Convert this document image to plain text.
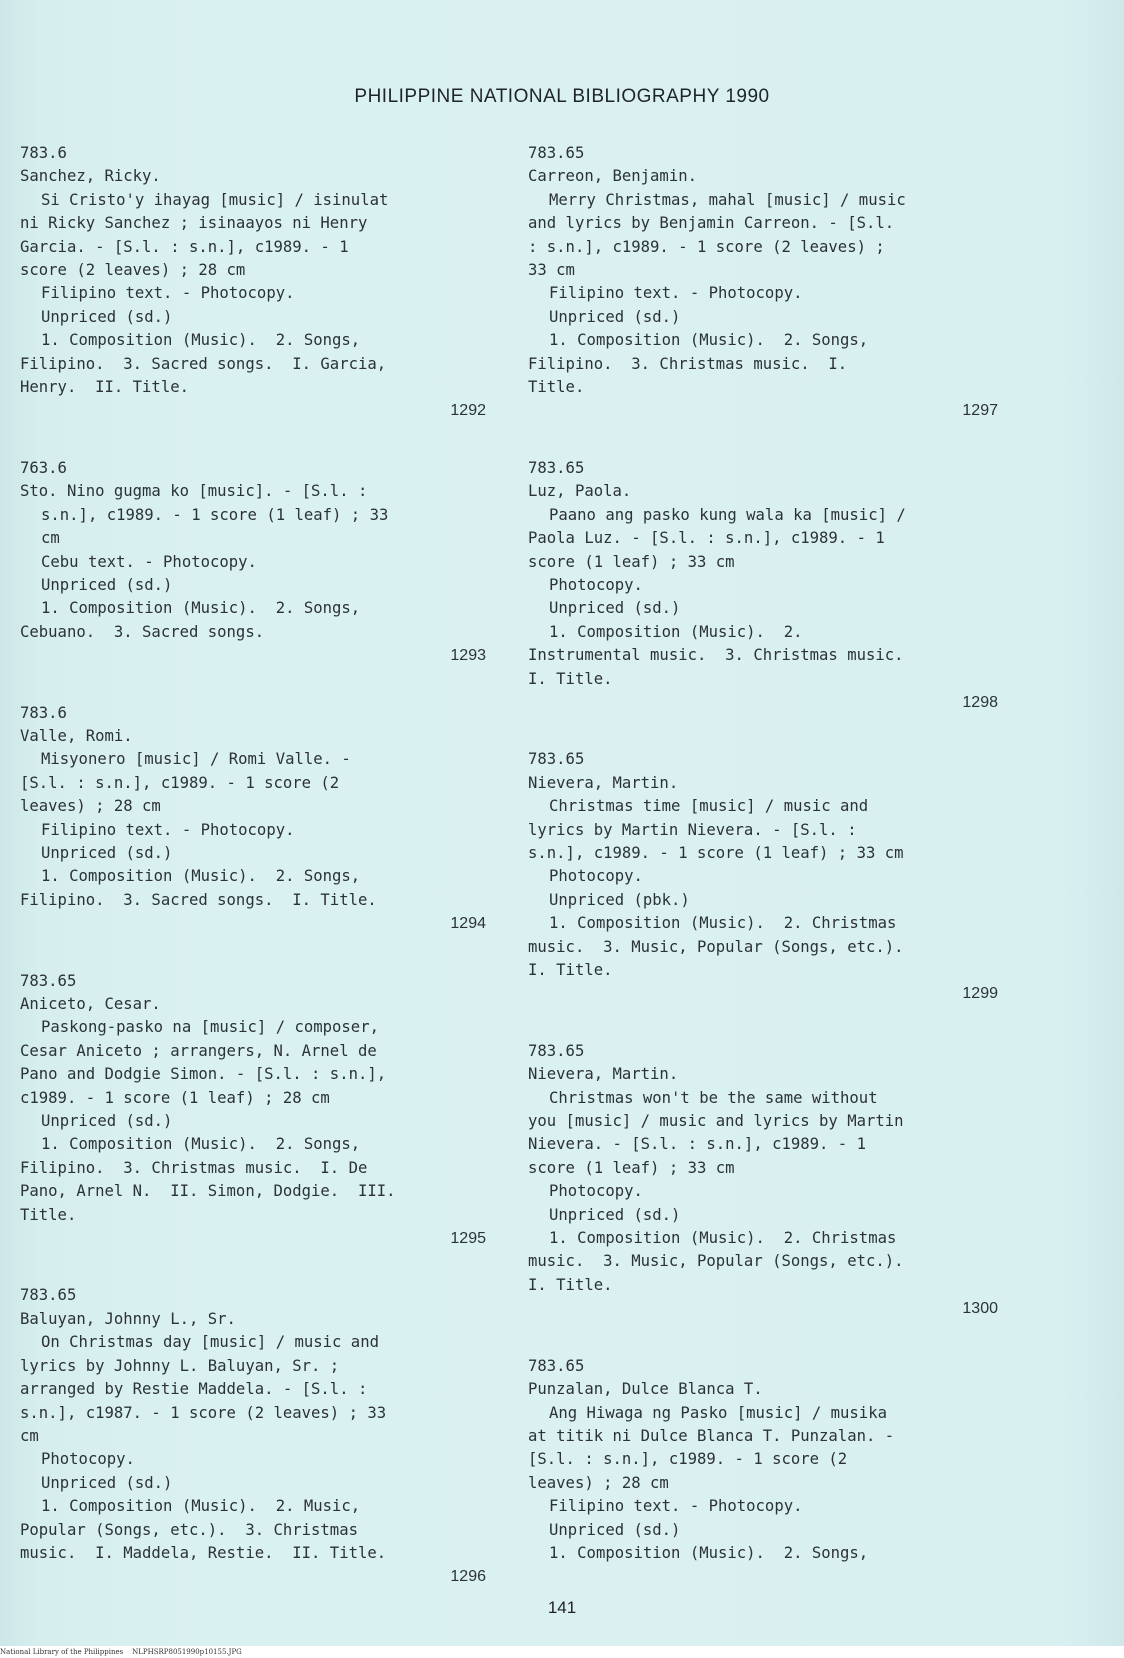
PHILIPPINE NATIONAL BIBLIOGRAPHY 1990
783.6
Sanchez, Ricky.
Si Cristo'y ihayag [music] / isinulat
ni Ricky Sanchez ; isinaayos ni Henry
Garcia. - [S.l. : s.n.], c1989. - 1
score (2 leaves) ; 28 cm
Filipino text. - Photocopy.
Unpriced (sd.)
1. Composition (Music).  2. Songs,
Filipino.  3. Sacred songs.  I. Garcia,
Henry.  II. Title.
1292
763.6
Sto. Nino gugma ko [music]. - [S.l. :
s.n.], c1989. - 1 score (1 leaf) ; 33
cm
Cebu text. - Photocopy.
Unpriced (sd.)
1. Composition (Music).  2. Songs,
Cebuano.  3. Sacred songs.
1293
783.6
Valle, Romi.
Misyonero [music] / Romi Valle. -
[S.l. : s.n.], c1989. - 1 score (2
leaves) ; 28 cm
Filipino text. - Photocopy.
Unpriced (sd.)
1. Composition (Music).  2. Songs,
Filipino.  3. Sacred songs.  I. Title.
1294
783.65
Aniceto, Cesar.
Paskong-pasko na [music] / composer,
Cesar Aniceto ; arrangers, N. Arnel de
Pano and Dodgie Simon. - [S.l. : s.n.],
c1989. - 1 score (1 leaf) ; 28 cm
Unpriced (sd.)
1. Composition (Music).  2. Songs,
Filipino.  3. Christmas music.  I. De
Pano, Arnel N.  II. Simon, Dodgie.  III.
Title.
1295
783.65
Baluyan, Johnny L., Sr.
On Christmas day [music] / music and
lyrics by Johnny L. Baluyan, Sr. ;
arranged by Restie Maddela. - [S.l. :
s.n.], c1987. - 1 score (2 leaves) ; 33
cm
Photocopy.
Unpriced (sd.)
1. Composition (Music).  2. Music,
Popular (Songs, etc.).  3. Christmas
music.  I. Maddela, Restie.  II. Title.
1296
783.65
Carreon, Benjamin.
Merry Christmas, mahal [music] / music
and lyrics by Benjamin Carreon. - [S.l.
: s.n.], c1989. - 1 score (2 leaves) ;
33 cm
Filipino text. - Photocopy.
Unpriced (sd.)
1. Composition (Music).  2. Songs,
Filipino.  3. Christmas music.  I.
Title.
1297
783.65
Luz, Paola.
Paano ang pasko kung wala ka [music] /
Paola Luz. - [S.l. : s.n.], c1989. - 1
score (1 leaf) ; 33 cm
Photocopy.
Unpriced (sd.)
1. Composition (Music).  2.
Instrumental music.  3. Christmas music.
I. Title.
1298
783.65
Nievera, Martin.
Christmas time [music] / music and
lyrics by Martin Nievera. - [S.l. :
s.n.], c1989. - 1 score (1 leaf) ; 33 cm
Photocopy.
Unpriced (pbk.)
1. Composition (Music).  2. Christmas
music.  3. Music, Popular (Songs, etc.).
I. Title.
1299
783.65
Nievera, Martin.
Christmas won't be the same without
you [music] / music and lyrics by Martin
Nievera. - [S.l. : s.n.], c1989. - 1
score (1 leaf) ; 33 cm
Photocopy.
Unpriced (sd.)
1. Composition (Music).  2. Christmas
music.  3. Music, Popular (Songs, etc.).
I. Title.
1300
783.65
Punzalan, Dulce Blanca T.
Ang Hiwaga ng Pasko [music] / musika
at titik ni Dulce Blanca T. Punzalan. -
[S.l. : s.n.], c1989. - 1 score (2
leaves) ; 28 cm
Filipino text. - Photocopy.
Unpriced (sd.)
1. Composition (Music).  2. Songs,
141
National Library of the Philippines    NLPHSRP8051990p10155.JPG
